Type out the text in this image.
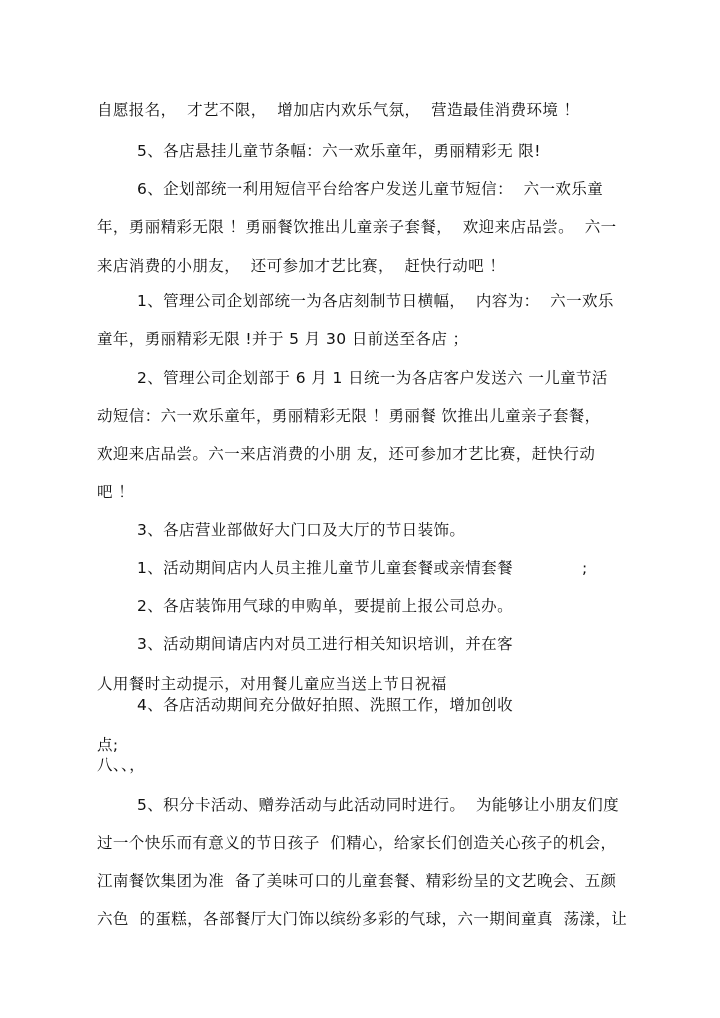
自愿报名，  才艺不限，  增加店内欢乐气氛，  营造最佳消费环境 ！
5、各店悬挂儿童节条幅：六一欢乐童年，勇丽精彩无 限!
6、企划部统一利用短信平台给客户发送儿童节短信：  六一欢乐童
年，勇丽精彩无限 ！勇丽餐饮推出儿童亲子套餐，  欢迎来店品尝。  六一
来店消费的小朋友，  还可参加才艺比赛，  赶快行动吧 ！
1、管理公司企划部统一为各店刻制节日横幅，  内容为：  六一欢乐
童年，勇丽精彩无限 !并于 5 月 30 日前送至各店 ；
2、管理公司企划部于 6 月 1 日统一为各店客户发送六 一儿童节活
动短信：六一欢乐童年，勇丽精彩无限 ！勇丽餐 饮推出儿童亲子套餐，
欢迎来店品尝。六一来店消费的小朋 友，还可参加才艺比赛，赶快行动
吧 ！
3、各店营业部做好大门口及大厅的节日装饰。
1、活动期间店内人员主推儿童节儿童套餐或亲情套餐	;
2、各店装饰用气球的申购单，要提前上报公司总办。
3、活动期间请店内对员工进行相关知识培训，并在客
人用餐时主动提示，对用餐儿童应当送上节日祝福
4、各店活动期间充分做好拍照、洗照工作，增加创收
点;
八、、，
5、积分卡活动、赠券活动与此活动同时进行。  为能够让小朋友们度
过一个快乐而有意义的节日孩子  们精心，给家长们创造关心孩子的机会，
江南餐饮集团为准  备了美味可口的儿童套餐、精彩纷呈的文艺晚会、五颜
六色  的蛋糕，各部餐厅大门饰以缤纷多彩的气球，六一期间童真  荡漾，让
